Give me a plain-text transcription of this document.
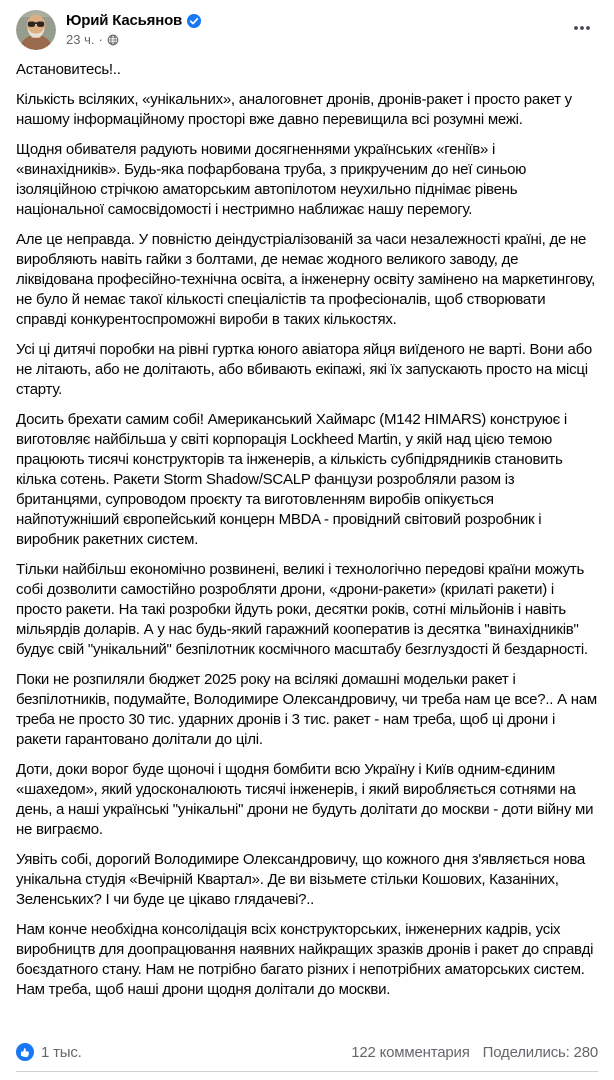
Юрий Касьянов
23 ч. ·

Астановитесь!..

Кількість всіляких, «унікальних», аналоговнет дронів, дронів-ракет і просто ракет у нашому інформаційному просторі вже давно перевищила всі розумні межі.

Щодня обивателя радують новими досягненнями українських «геніїв» і «винахідників». Будь-яка пофарбована труба, з прикрученим до неї синьою ізоляційною стрічкою аматорським автопілотом неухильно піднімає рівень національної самосвідомості і нестримно наближає нашу перемогу.

Але це неправда. У повністю деіндустріалізованій за часи незалежності країні, де не виробляють навіть гайки з болтами, де немає жодного великого заводу, де ліквідована професійно-технічна освіта, а інженерну освіту замінено на маркетингову, не було й немає такої кількості спеціалістів та професіоналів, щоб створювати справді конкурентоспроможні вироби в таких кількостях.

Усі ці дитячі поробки на рівні гуртка юного авіатора яйця виїденого не варті. Вони або не літають, або не долітають, або вбивають екіпажі, які їх запускають просто на місці старту.

Досить брехати самим собі! Американський Хаймарс (M142 HIMARS) конструює і виготовляє найбільша у світі корпорація Lockheed Martin, у якій над цією темою працюють тисячі конструкторів та інженерів, а кількість субпідрядників становить кілька сотень. Ракети Storm Shadow/SCALP фанцузи розробляли разом із британцями, супроводом проєкту та виготовленням виробів опікується найпотужніший європейський концерн MBDA - провідний світовий розробник і виробник ракетних систем.

Тільки найбільш економічно розвинені, великі і технологічно передові країни можуть собі дозволити самостійно розробляти дрони, «дрони-ракети» (крилаті ракети) і просто ракети. На такі розробки йдуть роки, десятки років, сотні мільйонів і навіть мільярдів доларів. А у нас будь-який гаражний кооператив із десятка "винахідників" будує свій "унікальний" безпілотник космічного масштабу безглуздості й бездарності.

Поки не розпиляли бюджет 2025 року на всілякі домашні модельки ракет і безпілотників, подумайте, Володимире Олександровичу, чи треба нам це все?.. А нам треба не просто 30 тис. ударних дронів і 3 тис. ракет - нам треба, щоб ці дрони і ракети гарантовано долітали до цілі.

Доти, доки ворог буде щоночі і щодня бомбити всю Україну і Київ одним-єдиним «шахедом», який удосконалюють тисячі інженерів, і який виробляється сотнями на день, а наші українські "унікальні" дрони не будуть долітати до москви - доти війну ми не виграємо.

Уявіть собі, дорогий Володимире Олександровичу, що кожного дня з'являється нова унікальна студія «Вечірній Квартал». Де ви візьмете стільки Кошових, Казаніних, Зеленських? І чи буде це цікаво глядачеві?..

Нам конче необхідна консолідація всіх конструкторських, інженерних кадрів, усіх виробництв для доопрацювання наявних найкращих зразків дронів і ракет до справді боєздатного стану. Нам не потрібно багато різних і непотрібних аматорських систем. Нам треба, щоб наші дрони щодня долітали до москви.

1 тыс.	122 комментария Поделились: 280
